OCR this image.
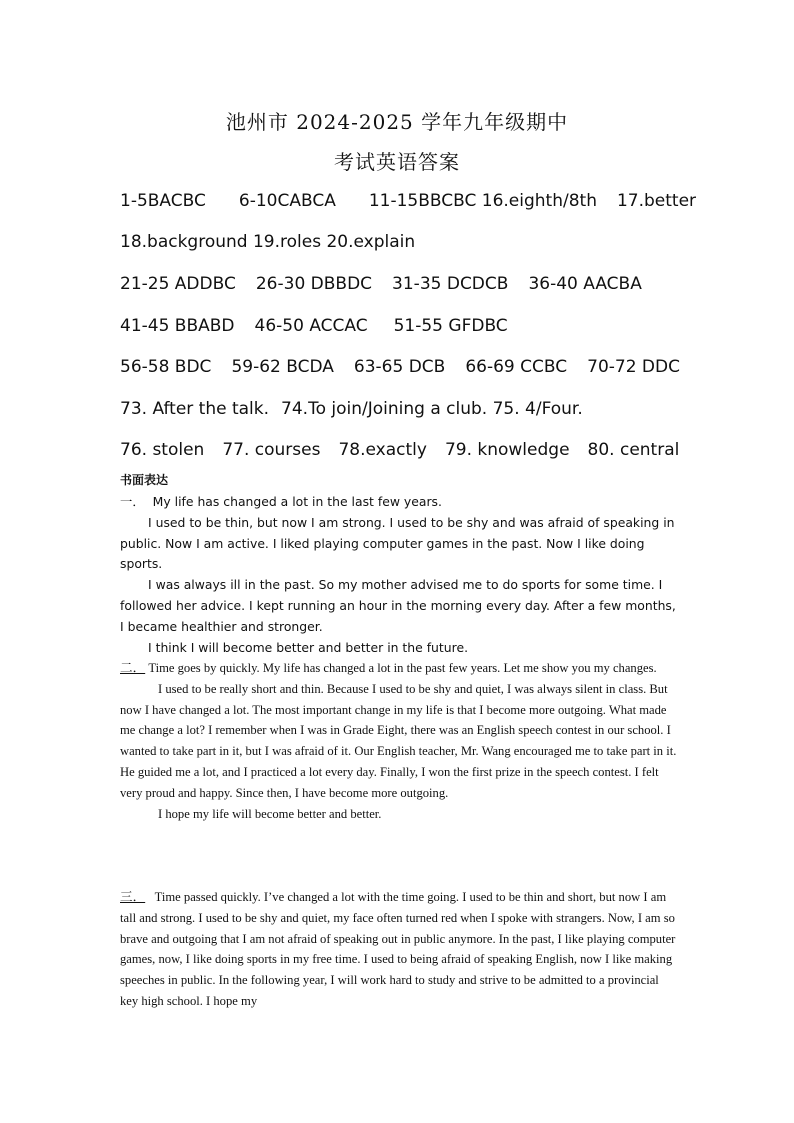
池州市 2024-2025 学年九年级期中
考试英语答案
1-5BACBC 6-10CABCA 11-15BBCBC 16.eighth/8th 17.better
18.background 19.roles 20.explain
21-25 ADDBC 26-30 DBBDC 31-35 DCDCB 36-40 AACBA
41-45 BBABD 46-50 ACCAC 51-55 GFDBC
56-58 BDC 59-62 BCDA 63-65 DCB 66-69 CCBC 70-72 DDC
73. After the talk. 74.To join/Joining a club. 75. 4/Four.
76. stolen 77. courses 78.exactly 79. knowledge 80. central
书面表达

一． My life has changed a lot in the last few years.

I used to be thin, but now I am strong. I used to be shy and was afraid of speaking in public. Now I am active. I liked playing computer games in the past. Now I like doing sports.

I was always ill in the past. So my mother advised me to do sports for some time. I followed her advice. I kept running an hour in the morning every day. After a few months, I became healthier and stronger.

I think I will become better and better in the future.

二． Time goes by quickly. My life has changed a lot in the past few years. Let me show you my changes.

I used to be really short and thin. Because I used to be shy and quiet, I was always silent in class. But now I have changed a lot. The most important change in my life is that I become more outgoing. What made me change a lot? I remember when I was in Grade Eight, there was an English speech contest in our school. I wanted to take part in it, but I was afraid of it. Our English teacher, Mr. Wang encouraged me to take part in it. He guided me a lot, and I practiced a lot every day. Finally, I won the first prize in the speech contest. I felt very proud and happy. Since then, I have become more outgoing.

I hope my life will become better and better.

三． Time passed quickly. I’ve changed a lot with the time going. I used to be thin and short, but now I am tall and strong. I used to be shy and quiet, my face often turned red when I spoke with strangers. Now, I am so brave and outgoing that I am not afraid of speaking out in public anymore. In the past, I like playing computer games, now, I like doing sports in my free time. I used to being afraid of speaking English, now I like making speeches in public. In the following year, I will work hard to study and strive to be admitted to a provincial key high school. I hope my
